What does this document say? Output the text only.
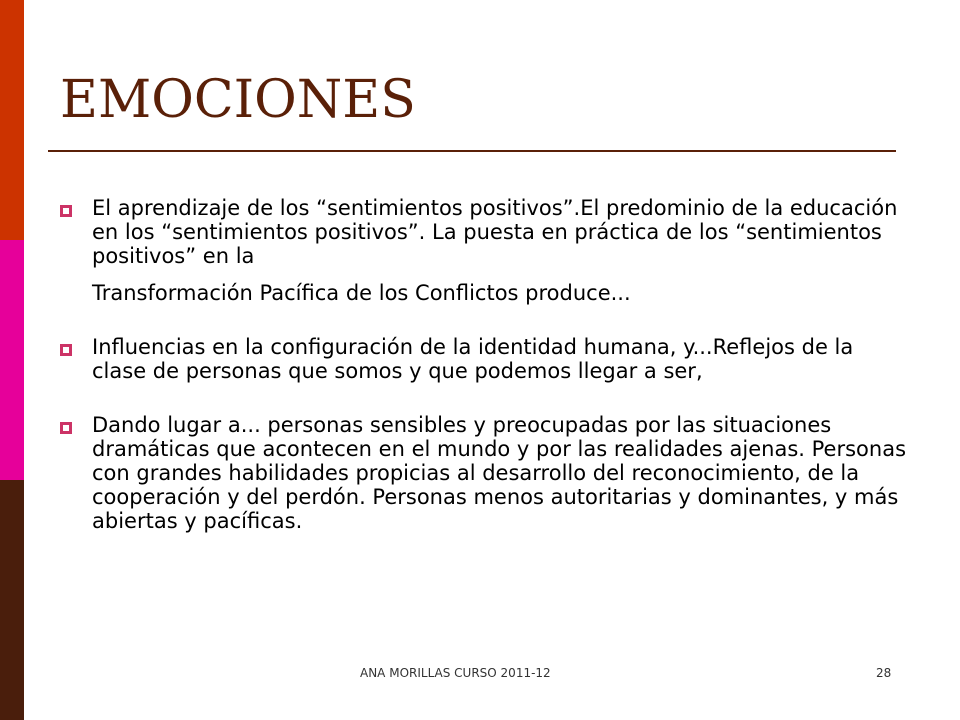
EMOCIONES
El aprendizaje de los “sentimientos positivos”.El predominio de la educación en los “sentimientos positivos”. La puesta en práctica de los “sentimientos positivos” en la
Transformación Pacífica de los Conflictos produce...
Influencias en la configuración de la identidad humana, y...Reflejos de la clase de personas que somos y que podemos llegar a ser,
Dando lugar a... personas sensibles y preocupadas por las situaciones dramáticas que acontecen en el mundo y por las realidades ajenas. Personas con grandes habilidades propicias al desarrollo del reconocimiento, de la cooperación y del perdón. Personas menos autoritarias y dominantes, y más abiertas y pacíficas.
ANA MORILLAS CURSO 2011-12	28
